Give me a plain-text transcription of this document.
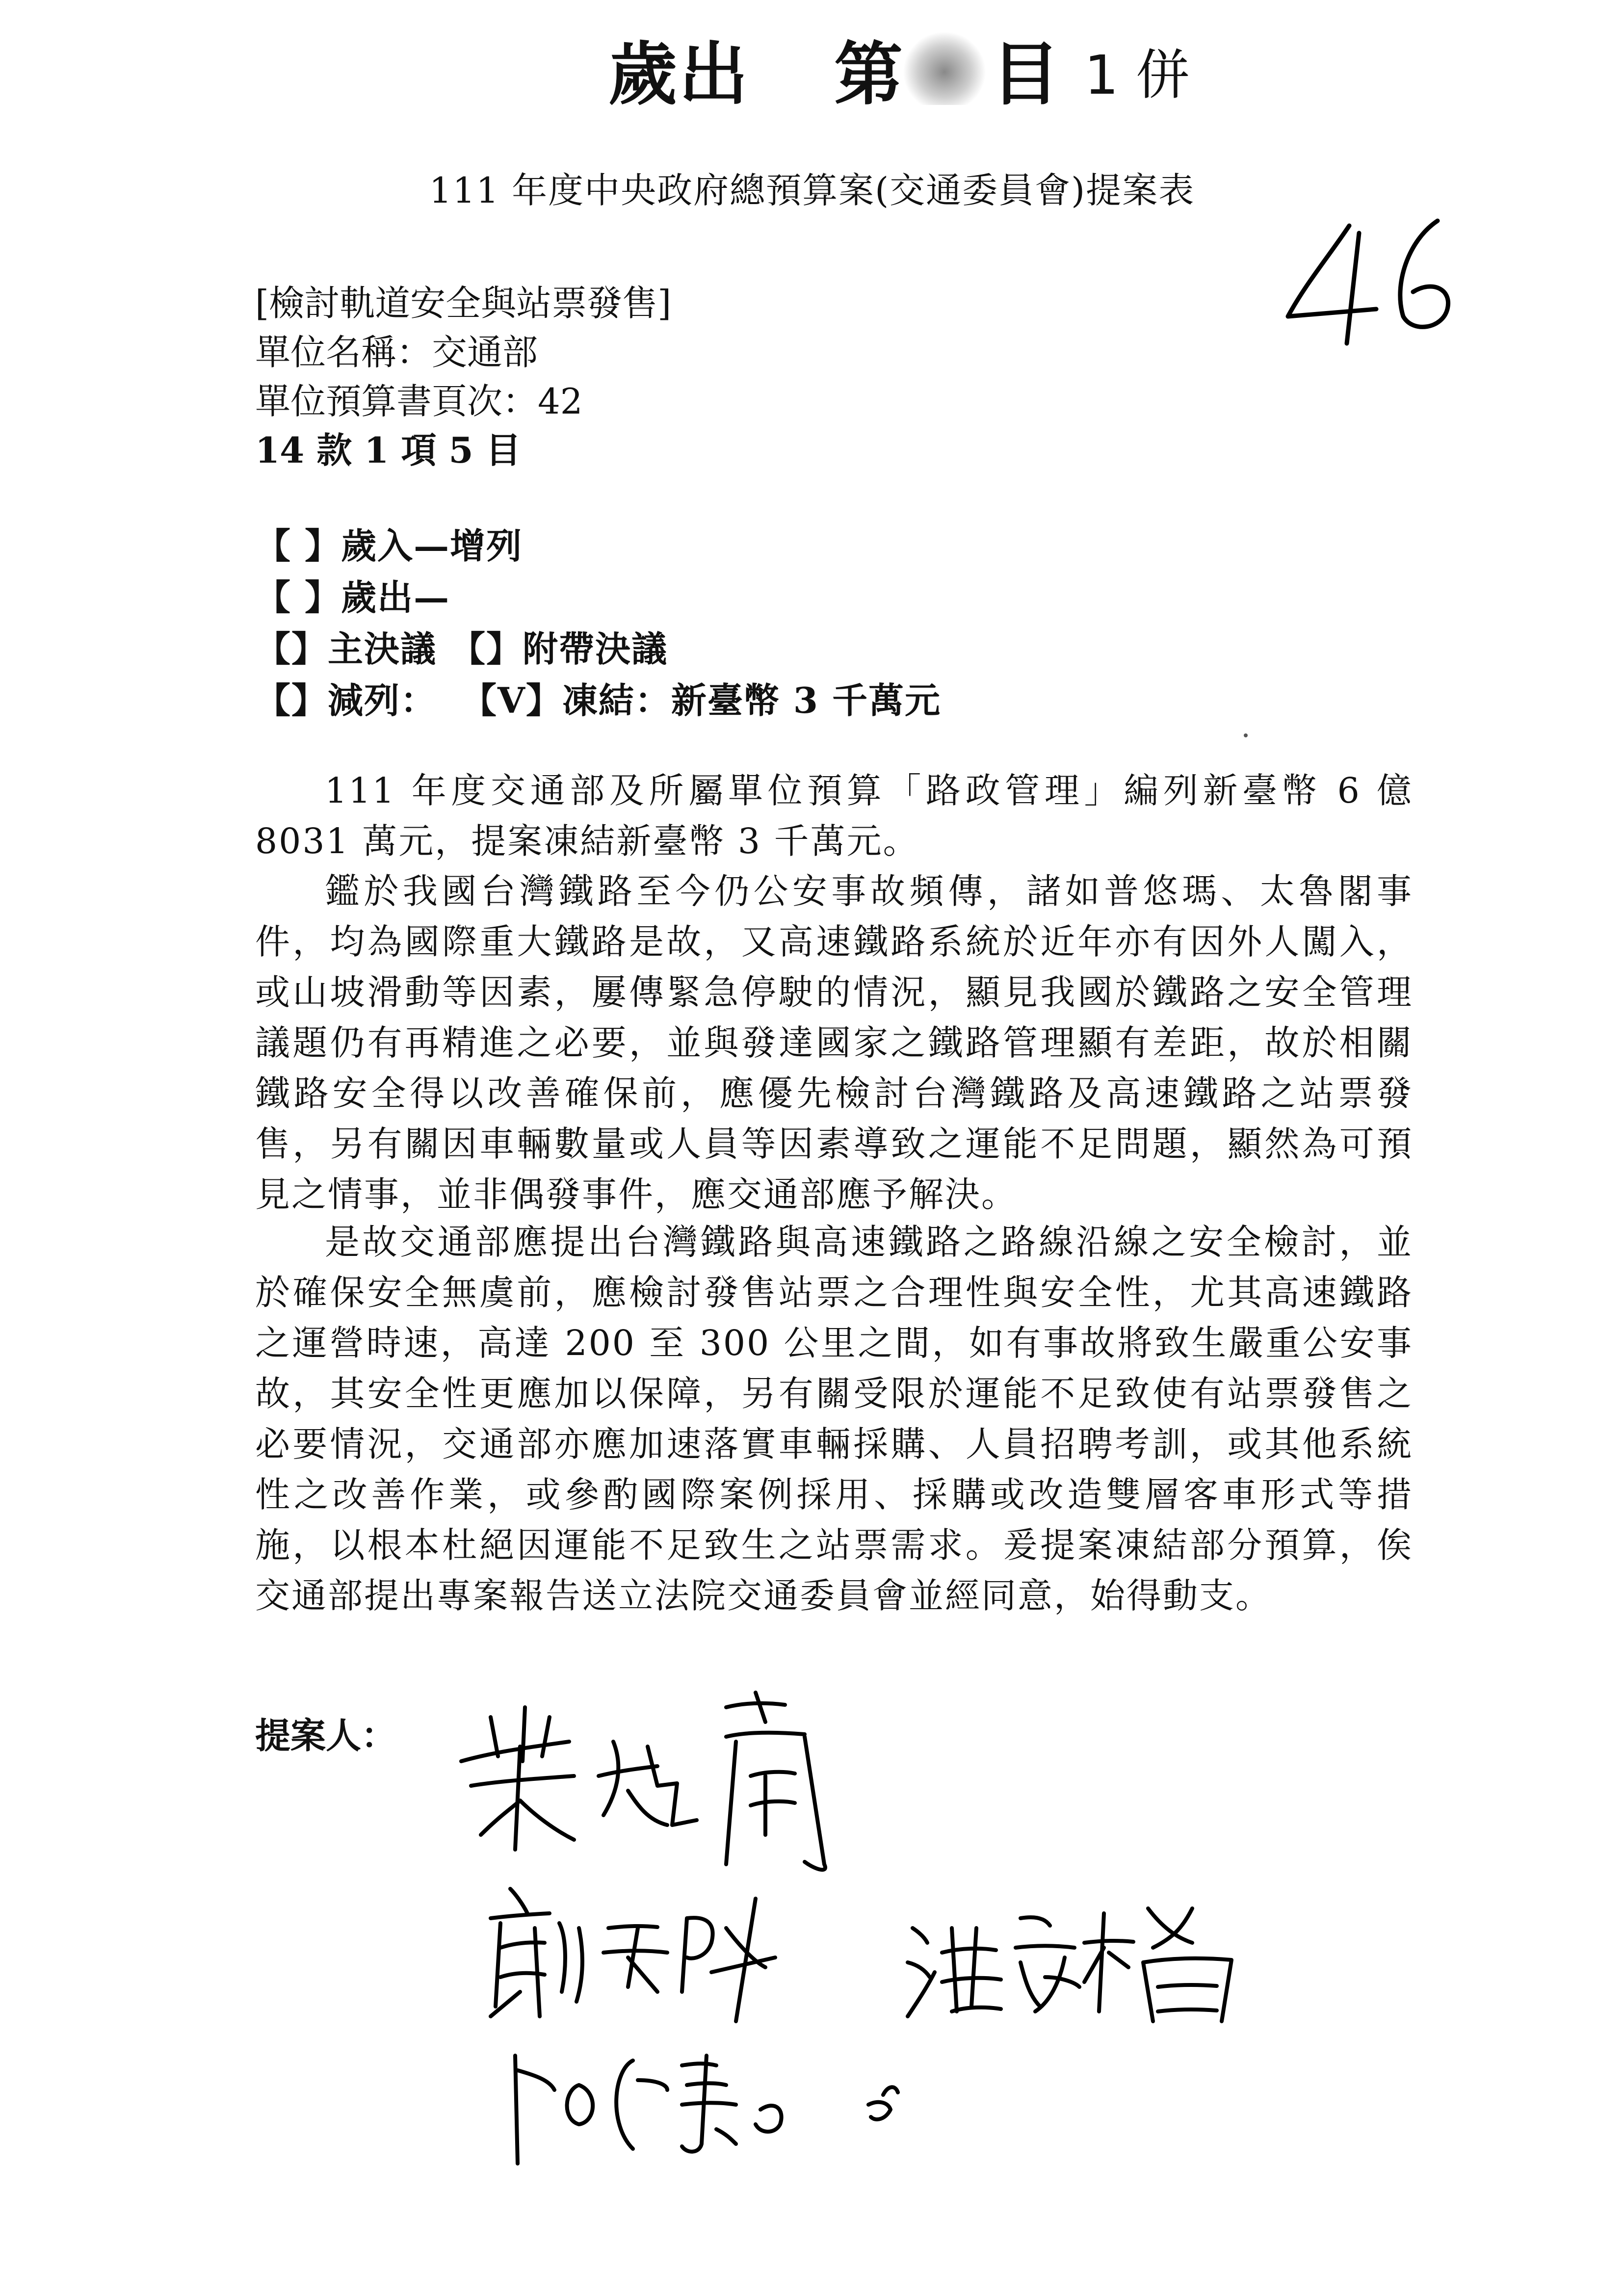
歲出 第 目 1 併
111 年度中央政府總預算案(交通委員會)提案表
[檢討軌道安全與站票發售]
單位名稱：交通部
單位預算書頁次：42
14 款 1 項 5 目
【 】歲入—增列
【 】歲出—
【】主決議 【】附帶決議
【】減列： 【V】凍結：新臺幣 3 千萬元

111 年度交通部及所屬單位預算「路政管理」編列新臺幣 6 億 8031 萬元，提案凍結新臺幣 3 千萬元。

鑑於我國台灣鐵路至今仍公安事故頻傳，諸如普悠瑪、太魯閣事件，均為國際重大鐵路是故，又高速鐵路系統於近年亦有因外人闖入，或山坡滑動等因素，屢傳緊急停駛的情況，顯見我國於鐵路之安全管理議題仍有再精進之必要，並與發達國家之鐵路管理顯有差距，故於相關鐵路安全得以改善確保前，應優先檢討台灣鐵路及高速鐵路之站票發售，另有關因車輛數量或人員等因素導致之運能不足問題，顯然為可預見之情事，並非偶發事件，應交通部應予解決。

是故交通部應提出台灣鐵路與高速鐵路之路線沿線之安全檢討，並於確保安全無虞前，應檢討發售站票之合理性與安全性，尤其高速鐵路之運營時速，高達 200 至 300 公里之間，如有事故將致生嚴重公安事故，其安全性更應加以保障，另有關受限於運能不足致使有站票發售之必要情況，交通部亦應加速落實車輛採購、人員招聘考訓，或其他系統性之改善作業，或參酌國際案例採用、採購或改造雙層客車形式等措施，以根本杜絕因運能不足致生之站票需求。爰提案凍結部分預算，俟交通部提出專案報告送立法院交通委員會並經同意，始得動支。

提案人：
